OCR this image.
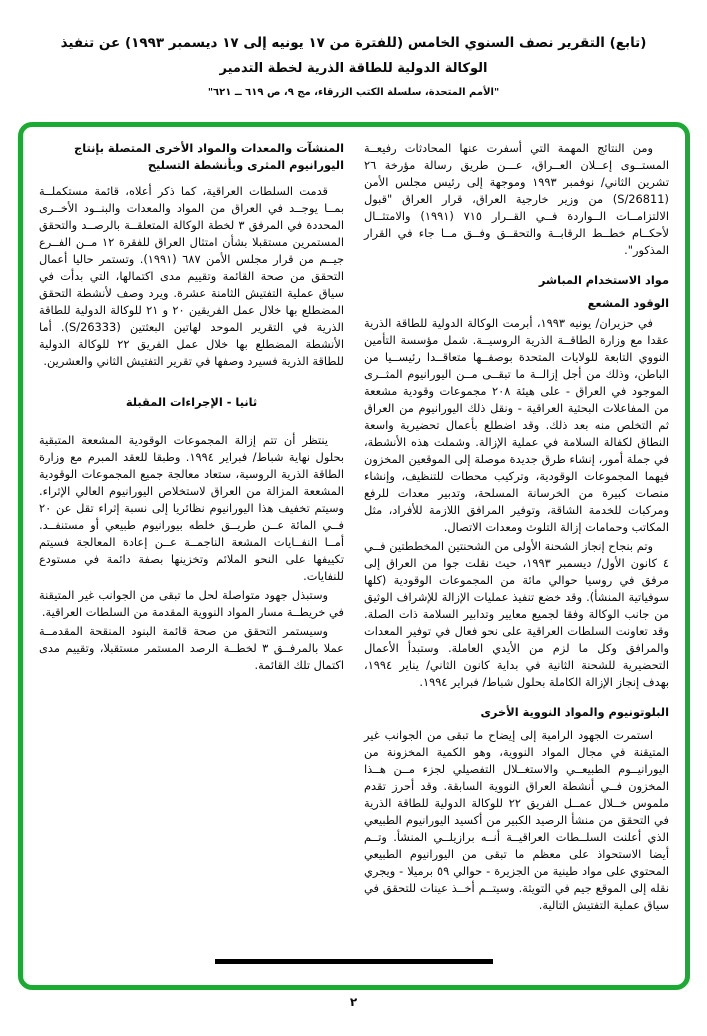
(تابع) التقرير نصف السنوي الخامس (للفترة من ١٧ يونيه إلى ١٧ ديسمبر ١٩٩٣) عن تنفيذ
الوكالة الدولية للطاقة الذرية لخطة التدمير
"الأمم المتحدة، سلسلة الكتب الزرقاء، مج ٩، ص ٦١٩ ــ ٦٢١"

ومن النتائج المهمة التي أسفرت عنها المحادثات رفيعــة المستــوى إعــلان العــراق، عـــن طريق رسالة مؤرخة ٢٦ تشرين الثاني/ نوفمبر ١٩٩٣ وموجهة إلى رئيس مجلس الأمن (S/26811) من وزير خارجية العراق، قرار العراق "قبول الالتزامــات الــواردة فــي القــرار ٧١٥ (١٩٩١) والامتثــال لأحكــام خطــط الرقابــة والتحقــق وفــق مــا جاء في القرار المذكور".

مواد الاستخدام المباشر
الوقود المشعع

في حزيران/ يونيه ١٩٩٣، أبرمت الوكالة الدولية للطاقة الذرية عقدا مع وزارة الطاقــة الذرية الروسيــة. شمل مؤسسة التأمين النووي التابعة للولايات المتحدة بوصفــها متعاقــدا رئيســيا من الباطن، وذلك من أجل إزالــة ما تبقــى مــن اليورانيوم المثــرى الموجود في العراق - على هيئة ٢٠٨ مجموعات وقودية مشععة من المفاعلات البحثية العراقية - ونقل ذلك اليورانيوم من العراق ثم التخلص منه بعد ذلك. وقد اضطلع بأعمال تحضيرية واسعة النطاق لكفالة السلامة في عملية الإزالة. وشملت هذه الأنشطة، في جملة أمور، إنشاء طرق جديدة موصلة إلى الموقعين المخزون فيهما المجموعات الوقودية، وتركيب محطات للتنظيف، وإنشاء منصات كبيرة من الخرسانة المسلحة، وتدبير معدات للرفع ومركبات للخدمة الشاقة، وتوفير المرافق اللازمة للأفراد، مثل المكاتب وحمامات إزالة التلوث ومعدات الاتصال.

وتم بنجاح إنجاز الشحنة الأولى من الشحنتين المخططتين فــي ٤ كانون الأول/ ديسمبر ١٩٩٣، حيث نقلت جوا من العراق إلى مرفق في روسيا حوالي مائة من المجموعات الوقودية (كلها سوفياتية المنشأ). وقد خضع تنفيذ عمليات الإزالة للإشراف الوثيق من جانب الوكالة وفقا لجميع معايير وتدابير السلامة ذات الصلة. وقد تعاونت السلطات العراقية على نحو فعال في توفير المعدات والمرافق وكل ما لزم من الأيدي العاملة. وستبدأ الأعمال التحضيرية للشحنة الثانية في بداية كانون الثاني/ يناير ١٩٩٤، بهدف إنجاز الإزالة الكاملة بحلول شباط/ فبراير ١٩٩٤.

البلوتونيوم والمواد النووية الأخرى

استمرت الجهود الرامية إلى إيضاح ما تبقى من الجوانب غير المتيقنة في مجال المواد النووية، وهو الكمية المخزونة من اليورانيــوم الطبيعــي والاستغــلال التفصيلي لجزء مــن هــذا المخزون فــي أنشطة العراق النووية السابقة. وقد أحرز تقدم ملموس خــلال عمــل الفريق ٢٢ للوكالة الدولية للطاقة الذرية في التحقق من منشأ الرصيد الكبير من أكسيد اليورانيوم الطبيعي الذي أعلنت السلــطات العراقيــة أنــه برازيلــي المنشأ. وتــم أيضا الاستحواذ على معظم ما تبقى من اليورانيوم الطبيعي المحتوي على مواد طينية من الجزيرة - حوالي ٥٩ برميلا - ويجري نقله إلى الموقع جيم في التويثة. وسيتــم أخــذ عينات للتحقق في سياق عملية التفتيش التالية.

المنشآت والمعدات والمواد الأخرى المتصلة بإنتاج اليورانيوم المثرى وبأنشطة التسليح

قدمت السلطات العراقية، كما ذكر أعلاه، قائمة مستكملــة بمــا يوجــد في العراق من المواد والمعدات والبنــود الأخــرى المحددة في المرفق ٣ لخطة الوكالة المتعلقــة بالرصــد والتحقق المستمرين مستقبلا بشأن امتثال العراق للفقرة ١٢ مــن الفــرع جيــم من قرار مجلس الأمن ٦٨٧ (١٩٩١). وتستمر حاليا أعمال التحقق من صحة القائمة وتقييم مدى اكتمالها، التي بدأت في سياق عملية التفتيش الثامنة عشرة. ويرد وصف لأنشطة التحقق المضطلع بها خلال عمل الفريقين ٢٠ و ٢١ للوكالة الدولية للطاقة الذرية في التقرير الموحد لهاتين البعثتين (S/26333). أما الأنشطة المضطلع بها خلال عمل الفريق ٢٢ للوكالة الدولية للطاقة الذرية فسيرد وصفها في تقرير التفتيش الثاني والعشرين.

ثانيا - الإجراءات المقبلة

ينتظر أن تتم إزالة المجموعات الوقودية المشععة المتبقية بحلول نهاية شباط/ فبراير ١٩٩٤. وطبقا للعقد المبرم مع وزارة الطاقة الذرية الروسية، ستعاد معالجة جميع المجموعات الوقودية المشععة المزالة من العراق لاستخلاص اليورانيوم العالي الإثراء. وسيتم تخفيف هذا اليورانيوم نظائريا إلى نسبة إثراء تقل عن ٢٠ فــي المائة عــن طريــق خلطه بيورانيوم طبيعي أو مستنفــد. أمــا النفــايات المشعة الناجمــة عــن إعادة المعالجة فسيتم تكييفها على النحو الملائم وتخزينها بصفة دائمة في مستودع للنفايات.

وستبذل جهود متواصلة لحل ما تبقى من الجوانب غير المتيقنة في خريطــة مسار المواد النووية المقدمة من السلطات العراقية.

وسيستمر التحقق من صحة قائمة البنود المنقحة المقدمــة عملا بالمرفــق ٣ لخطــة الرصد المستمر مستقبلا، وتقييم مدى اكتمال تلك القائمة.

٢
